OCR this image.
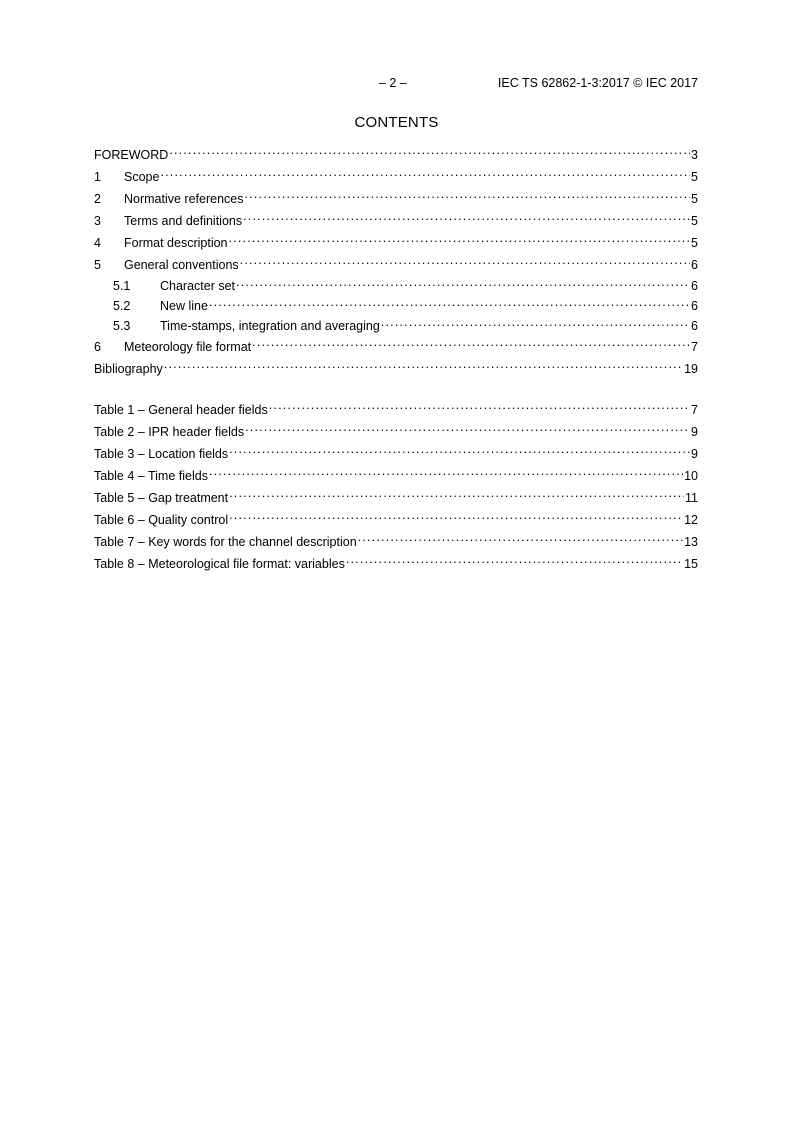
– 2 –	IEC TS 62862-1-3:2017 © IEC 2017
CONTENTS
FOREWORD .....	3
1	Scope .....	5
2	Normative references .....	5
3	Terms and definitions .....	5
4	Format description .....	5
5	General conventions .....	6
5.1	Character set .....	6
5.2	New line .....	6
5.3	Time-stamps, integration and averaging .....	6
6	Meteorology file format .....	7
Bibliography .....	19
Table 1 – General header fields .....	7
Table 2 – IPR header fields .....	9
Table 3 – Location fields .....	9
Table 4 – Time fields .....	10
Table 5 – Gap treatment .....	11
Table 6 – Quality control .....	12
Table 7 – Key words for the channel description .....	13
Table 8 – Meteorological file format: variables .....	15
